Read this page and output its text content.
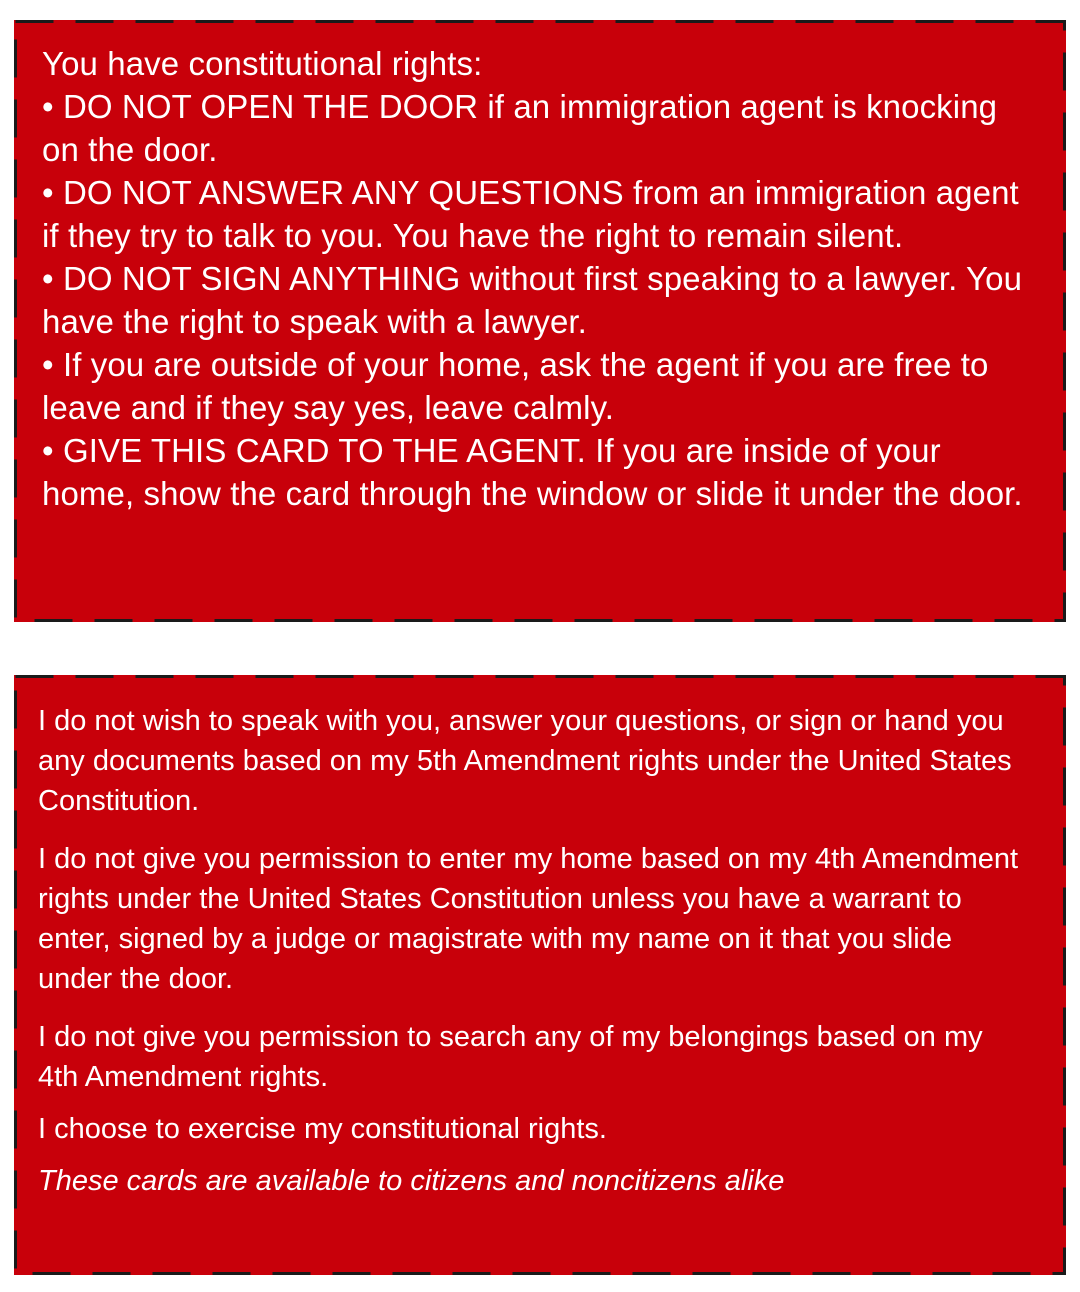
You have constitutional rights:
• DO NOT OPEN THE DOOR if an immigration agent is knocking on the door.
• DO NOT ANSWER ANY QUESTIONS from an immigration agent if they try to talk to you. You have the right to remain silent.
• DO NOT SIGN ANYTHING without first speaking to a lawyer. You have the right to speak with a lawyer.
• If you are outside of your home, ask the agent if you are free to leave and if they say yes, leave calmly.
• GIVE THIS CARD TO THE AGENT. If you are inside of your home, show the card through the window or slide it under the door.

I do not wish to speak with you, answer your questions, or sign or hand you any documents based on my 5th Amendment rights under the United States Constitution.

I do not give you permission to enter my home based on my 4th Amendment rights under the United States Constitution unless you have a warrant to enter, signed by a judge or magistrate with my name on it that you slide under the door.

I do not give you permission to search any of my belongings based on my 4th Amendment rights.

I choose to exercise my constitutional rights.

These cards are available to citizens and noncitizens alike
